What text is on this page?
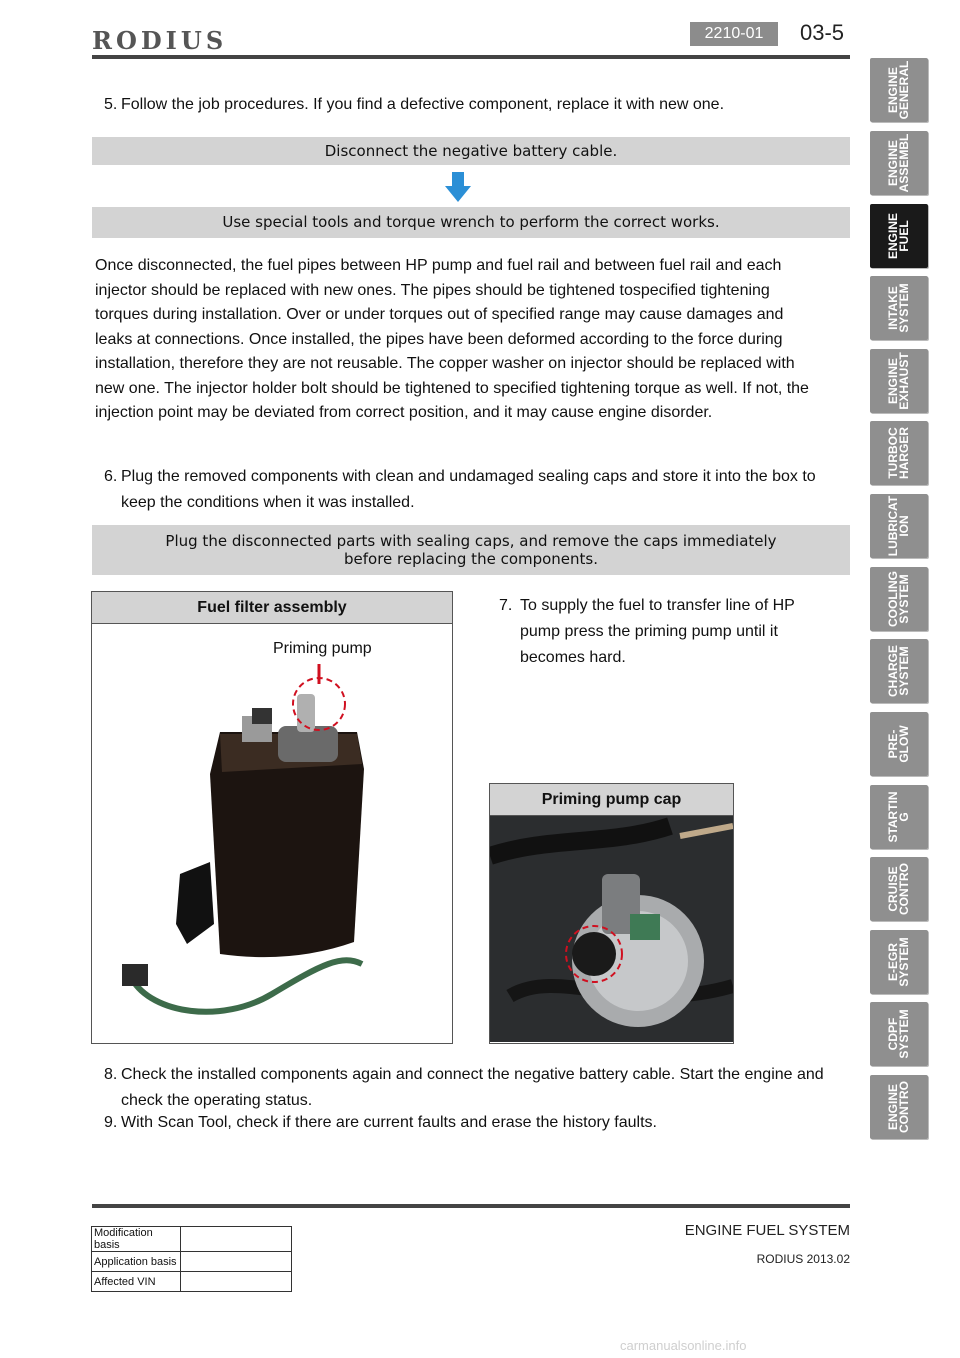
RODIUS	2210-01	03-5
5. Follow the job procedures. If you find a defective component, replace it with new one.
Disconnect the negative battery cable.
Use special tools and torque wrench to perform the correct works.
Once disconnected, the fuel pipes between HP pump and fuel rail and between fuel rail and each
injector should be replaced with new ones. The pipes should be tightened tospecified tightening
torques during installation. Over or under torques out of specified range may cause damages and
leaks at connections. Once installed, the pipes have been deformed according to the force during
installation, therefore they are not reusable. The copper washer on injector should be replaced with
new one. The injector holder bolt should be tightened to specified tightening torque as well. If not, the
injection point may be deviated from correct position, and it may cause engine disorder.
6. Plug the removed components with clean and undamaged sealing caps and store it into the box to
keep the conditions when it was installed.
Plug the disconnected parts with sealing caps, and remove the caps immediately
before replacing the components.
Fuel filter assembly
Priming pump
7. To supply the fuel to transfer line of HP
pump press the priming pump until it
becomes hard.
Priming pump cap
8. Check the installed components again and connect the negative battery cable. Start the engine and
check the operating status.
9. With Scan Tool, check if there are current faults and erase the history faults.
ENGINE
GENERAL
ENGINE
ASSEMBL
ENGINE
FUEL
INTAKE
SYSTEM
ENGINE
EXHAUST
TURBOC
HARGER
LUBRICAT
ION
COOLING
SYSTEM
CHARGE
SYSTEM
PRE-
GLOW
STARTIN
G
CRUISE
CONTRO
E-EGR
SYSTEM
CDPF
SYSTEM
ENGINE
CONTRO
Modification basis	
Application basis	
Affected VIN	
ENGINE FUEL SYSTEM
RODIUS 2013.02
carmanualsonline.info
